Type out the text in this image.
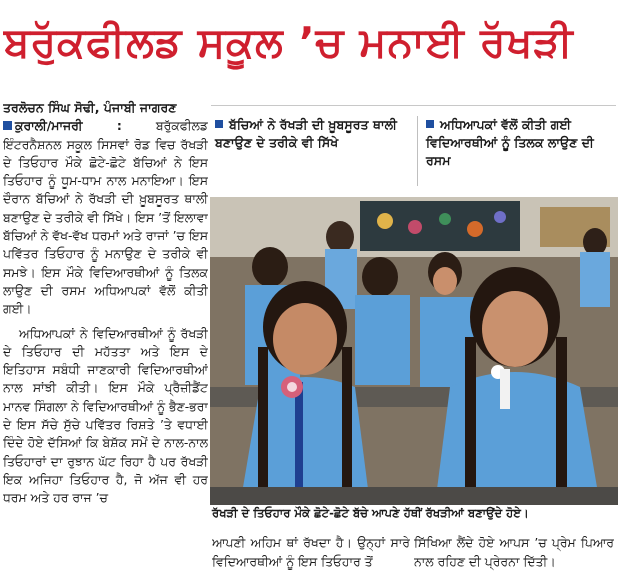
ਬਰੁੱਕਫੀਲਡ ਸਕੂਲ ’ਚ ਮਨਾਈ ਰੱਖੜੀ
ਤਰਲੋਚਨ ਸਿੰਘ ਸੋਢੀ, ਪੰਜਾਬੀ ਜਾਗਰਣ

ਕੁਰਾਲੀ/ਮਾਜਰੀ :	ਬਰੁੱਕਫੀਲਡ ਇੰਟਰਨੈਸ਼ਨਲ ਸਕੂਲ ਸਿਸਵਾਂ ਰੋਡ ਵਿਚ ਰੱਖੜੀ ਦੇ ਤਿਓਹਾਰ ਮੌਕੇ ਛੋਟੇ-ਛੋਟੇ ਬੱਚਿਆਂ ਨੇ ਇਸ ਤਿਓਹਾਰ ਨੂੰ ਧੂਮ-ਧਾਮ ਨਾਲ ਮਨਾਇਆ। ਇਸ ਦੌਰਾਨ ਬੱਚਿਆਂ ਨੇ ਰੱਖੜੀ ਦੀ ਖ਼ੂਬਸੂਰਤ ਥਾਲੀ ਬਣਾਉਣ ਦੇ ਤਰੀਕੇ ਵੀ ਸਿੱਖੇ। ਇਸ ’ਤੋਂ ਇਲਾਵਾ ਬੱਚਿਆਂ ਨੇ ਵੱਖ-ਵੱਖ ਧਰਮਾਂ ਅਤੇ ਰਾਜਾਂ ’ਚ ਇਸ ਪਵਿੱਤਰ ਤਿਓਹਾਰ ਨੂੰ ਮਨਾਉਣ ਦੇ ਤਰੀਕੇ ਵੀ ਸਮਝੇ। ਇਸ ਮੌਕੇ ਵਿਦਿਆਰਥੀਆਂ ਨੂੰ ਤਿਲਕ ਲਾਉਣ ਦੀ ਰਸਮ ਅਧਿਆਪਕਾਂ ਵੱਲੋਂ ਕੀਤੀ ਗਈ।

ਅਧਿਆਪਕਾਂ ਨੇ ਵਿਦਿਆਰਥੀਆਂ ਨੂੰ ਰੱਖੜੀ ਦੇ ਤਿਓਹਾਰ ਦੀ ਮਹੱਤਤਾ ਅਤੇ ਇਸ ਦੇ ਇਤਿਹਾਸ ਸਬੰਧੀ ਜਾਣਕਾਰੀ ਵਿਦਿਆਰਥੀਆਂ ਨਾਲ ਸਾਂਝੀ ਕੀਤੀ। ਇਸ ਮੌਕੇ ਪ੍ਰੈਜ਼ੀਡੈਂਟ ਮਾਨਵ ਸਿੰਗਲਾ ਨੇ ਵਿਦਿਆਰਥੀਆਂ ਨੂੰ ਭੈਣ-ਭਰਾ ਦੇ ਇਸ ਸੱਚੇ ਸੁੱਚੇ ਪਵਿੱਤਰ ਰਿਸ਼ਤੇ ’ਤੇ ਵਧਾਈ ਦਿੰਦੇ ਹੋਏ ਦੱਸਿਆਂ ਕਿ ਬੇਸ਼ੱਕ ਸਮੇਂ ਦੇ ਨਾਲ-ਨਾਲ ਤਿਓਹਾਰਾਂ ਦਾ ਰੁਝਾਨ ਘੱਟ ਰਿਹਾ ਹੈ ਪਰ ਰੱਖੜੀ ਇਕ ਅਜਿਹਾ ਤਿਓਹਾਰ ਹੈ, ਜੋ ਅੱਜ ਵੀ ਹਰ ਧਰਮ ਅਤੇ ਹਰ ਰਾਜ ’ਚ

ਬੱਚਿਆਂ ਨੇ ਰੱਖੜੀ ਦੀ ਖ਼ੂਬਸੂਰਤ ਥਾਲੀ ਬਣਾਉਣ ਦੇ ਤਰੀਕੇ ਵੀ ਸਿੱਖੇ
ਅਧਿਆਪਕਾਂ ਵੱਲੋਂ ਕੀਤੀ ਗਈ ਵਿਦਿਆਰਥੀਆਂ ਨੂੰ ਤਿਲਕ ਲਾਉਣ ਦੀ ਰਸਮ
ਰੱਖੜੀ ਦੇ ਤਿਓਹਾਰ ਮੌਕੇ ਛੋਟੇ-ਛੋਟੇ ਬੱਚੇ ਆਪਣੇ ਹੱਥੀਂ ਰੱਖੜੀਆਂ ਬਣਾਉਂਦੇ ਹੋਏ।
ਆਪਣੀ ਅਹਿਮ ਥਾਂ ਰੱਖਦਾ ਹੈ। ਉਨ੍ਹਾਂ ਸਾਰੇ ਵਿਦਿਆਰਥੀਆਂ ਨੂੰ ਇਸ ਤਿਓਹਾਰ ਤੋਂ
ਸਿੱਖਿਆ ਲੈਂਦੇ ਹੋਏ ਆਪਸ ’ਚ ਪ੍ਰੇਮ ਪਿਆਰ ਨਾਲ ਰਹਿਣ ਦੀ ਪ੍ਰੇਰਨਾ ਦਿੱਤੀ।
